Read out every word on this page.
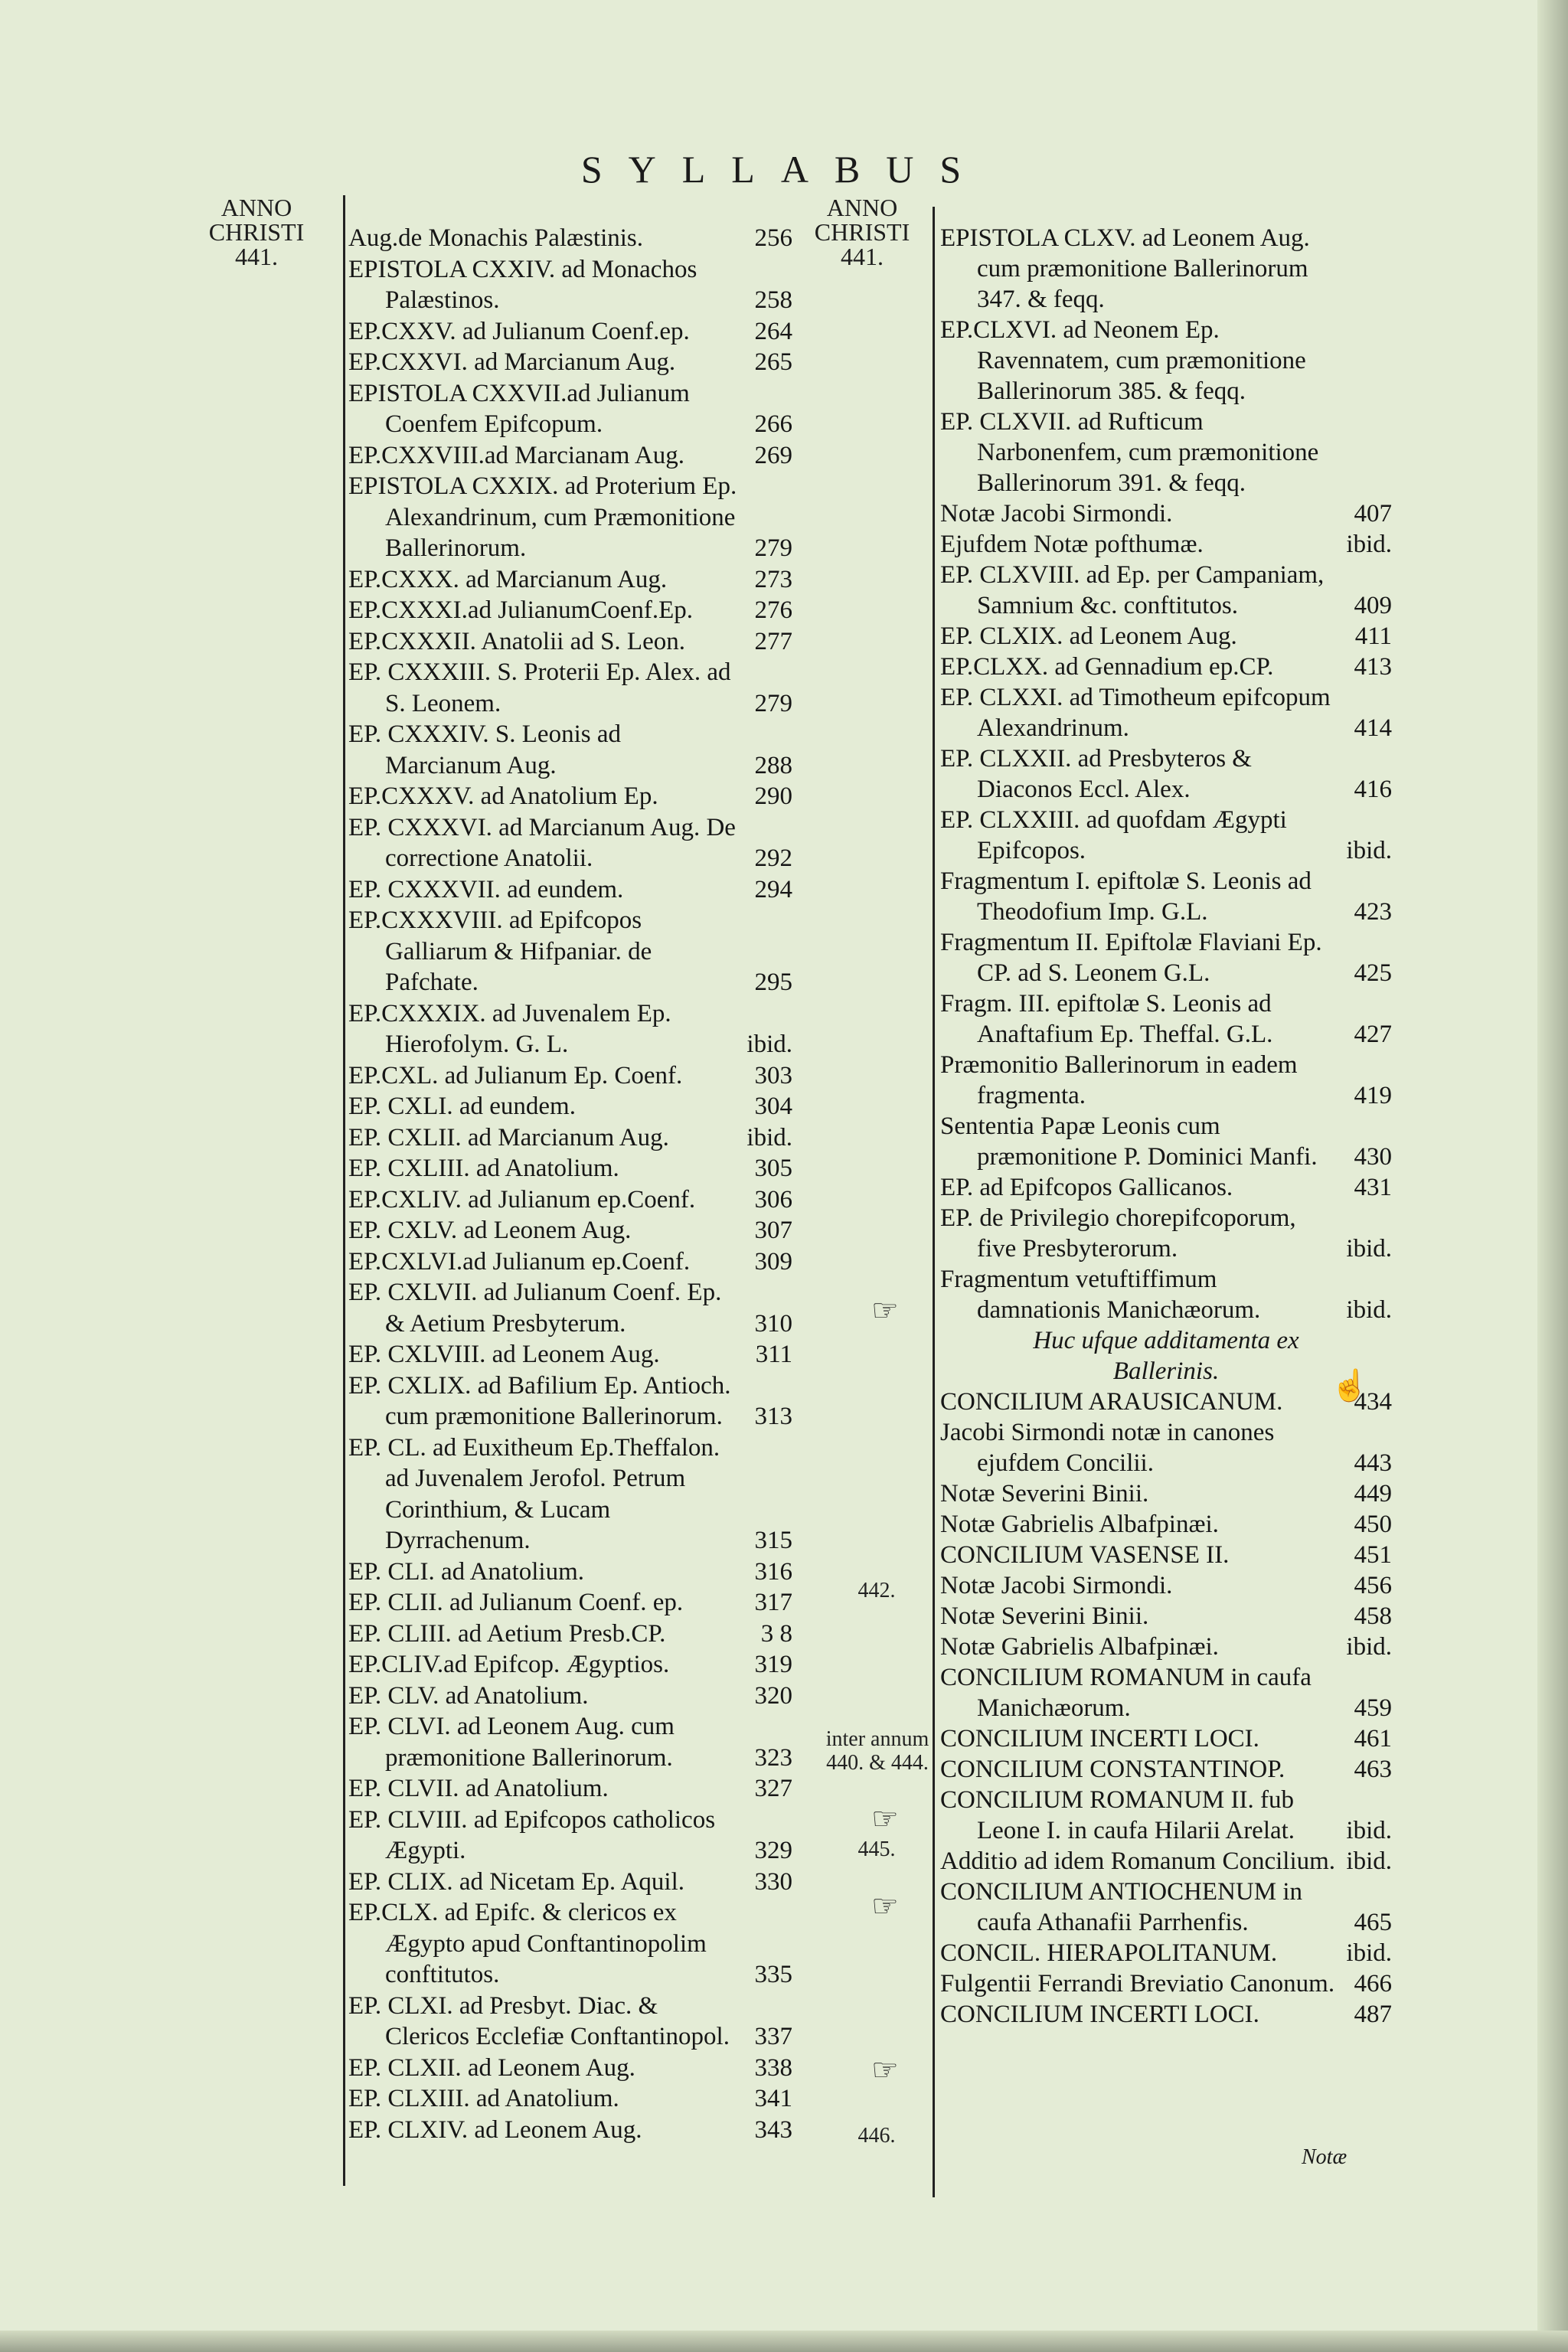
SYLLABUS
ANNO
CHRISTI
441.
ANNO
CHRISTI
441.
Aug.de Monachis Palæstinis.	256
EPISTOLA CXXIV. ad Monachos Palæstinos.	258
EP.CXXV. ad Julianum Coenf.ep.	264
EP.CXXVI. ad Marcianum Aug.	265
EPISTOLA CXXVII.ad Julianum Coenfem Epifcopum.	266
EP.CXXVIII.ad Marcianam Aug.	269
EPISTOLA CXXIX. ad Proterium Ep. Alexandrinum, cum Præmonitione Ballerinorum.	279
EP.CXXX. ad Marcianum Aug.	273
EP.CXXXI.ad JulianumCoenf.Ep.	276
EP.CXXXII. Anatolii ad S. Leon.	277
EP. CXXXIII. S. Proterii Ep. Alex. ad S. Leonem.	279
EP. CXXXIV. S. Leonis ad Marcianum Aug.	288
EP.CXXXV. ad Anatolium Ep.	290
EP. CXXXVI. ad Marcianum Aug. De correctione Anatolii.	292
EP. CXXXVII. ad eundem.	294
EP.CXXXVIII. ad Epifcopos Galliarum & Hifpaniar. de Pafchate.	295
EP.CXXXIX. ad Juvenalem Ep. Hierofolym. G. L.	ibid.
EP.CXL. ad Julianum Ep. Coenf.	303
EP. CXLI. ad eundem.	304
EP. CXLII. ad Marcianum Aug.	ibid.
EP. CXLIII. ad Anatolium.	305
EP.CXLIV. ad Julianum ep.Coenf.	306
EP. CXLV. ad Leonem Aug.	307
EP.CXLVI.ad Julianum ep.Coenf.	309
EP. CXLVII. ad Julianum Coenf. Ep. & Aetium Presbyterum.	310
EP. CXLVIII. ad Leonem Aug.	311
EP. CXLIX. ad Bafilium Ep. Antioch. cum præmonitione Ballerinorum.	313
EP. CL. ad Euxitheum Ep.Theffalon. ad Juvenalem Jerofol. Petrum Corinthium, & Lucam Dyrrachenum.	315
EP. CLI. ad Anatolium.	316
EP. CLII. ad Julianum Coenf. ep.	317
EP. CLIII. ad Aetium Presb.CP.	3 8
EP.CLIV.ad Epifcop. Ægyptios.	319
EP. CLV. ad Anatolium.	320
EP. CLVI. ad Leonem Aug. cum præmonitione Ballerinorum.	323
EP. CLVII. ad Anatolium.	327
EP. CLVIII. ad Epifcopos catholicos Ægypti.	329
EP. CLIX. ad Nicetam Ep. Aquil.	330
EP.CLX. ad Epifc. & clericos ex Ægypto apud Conftantinopolim conftitutos.	335
EP. CLXI. ad Presbyt. Diac. & Clericos Ecclefiæ Conftantinopol. 337
EP. CLXII. ad Leonem Aug.	338
EP. CLXIII. ad Anatolium.	341
EP. CLXIV. ad Leonem Aug.	343
442.
inter annum 440. & 444.
445.
446.
☞
☞
☞
☞
☝
EPISTOLA CLXV. ad Leonem Aug. cum præmonitione Ballerinorum 347. & feqq.
EP.CLXVI. ad Neonem Ep. Ravennatem, cum præmonitione Ballerinorum 385. & feqq.
EP. CLXVII. ad Rufticum Narbonenfem, cum præmonitione Ballerinorum 391. & feqq.
Notæ Jacobi Sirmondi.	407
Ejufdem Notæ pofthumæ.	ibid.
EP. CLXVIII. ad Ep. per Campaniam, Samnium &c. conftitutos.	409
EP. CLXIX. ad Leonem Aug.	411
EP.CLXX. ad Gennadium ep.CP.	413
EP. CLXXI. ad Timotheum epifcopum Alexandrinum.	414
EP. CLXXII. ad Presbyteros & Diaconos Eccl. Alex.	416
EP. CLXXIII. ad quofdam Ægypti Epifcopos.	ibid.
Fragmentum I. epiftolæ S. Leonis ad Theodofium Imp. G.L.	423
Fragmentum II. Epiftolæ Flaviani Ep. CP. ad S. Leonem G.L.	425
Fragm. III. epiftolæ S. Leonis ad Anaftafium Ep. Theffal. G.L.	427
Præmonitio Ballerinorum in eadem fragmenta.	419
Sententia Papæ Leonis cum præmonitione P. Dominici Manfi.	430
EP. ad Epifcopos Gallicanos.	431
EP. de Privilegio chorepifcoporum, five Presbyterorum.	ibid.
Fragmentum vetuftiffimum damnationis Manichæorum.	ibid.
Huc ufque additamenta ex Ballerinis.
CONCILIUM ARAUSICANUM.	434
Jacobi Sirmondi notæ in canones ejufdem Concilii.	443
Notæ Severini Binii.	449
Notæ Gabrielis Albafpinæi.	450
CONCILIUM VASENSE II.	451
Notæ Jacobi Sirmondi.	456
Notæ Severini Binii.	458
Notæ Gabrielis Albafpinæi.	ibid.
CONCILIUM ROMANUM in caufa Manichæorum.	459
CONCILIUM INCERTI LOCI.	461
CONCILIUM CONSTANTINOP.	463
CONCILIUM ROMANUM II. fub Leone I. in caufa Hilarii Arelat.	ibid.
Additio ad idem Romanum Concilium. ibid.
CONCILIUM ANTIOCHENUM in caufa Athanafii Parrhenfis.	465
CONCIL. HIERAPOLITANUM.	ibid.
Fulgentii Ferrandi Breviatio Canonum. 466
CONCILIUM INCERTI LOCI.	487
Notæ
